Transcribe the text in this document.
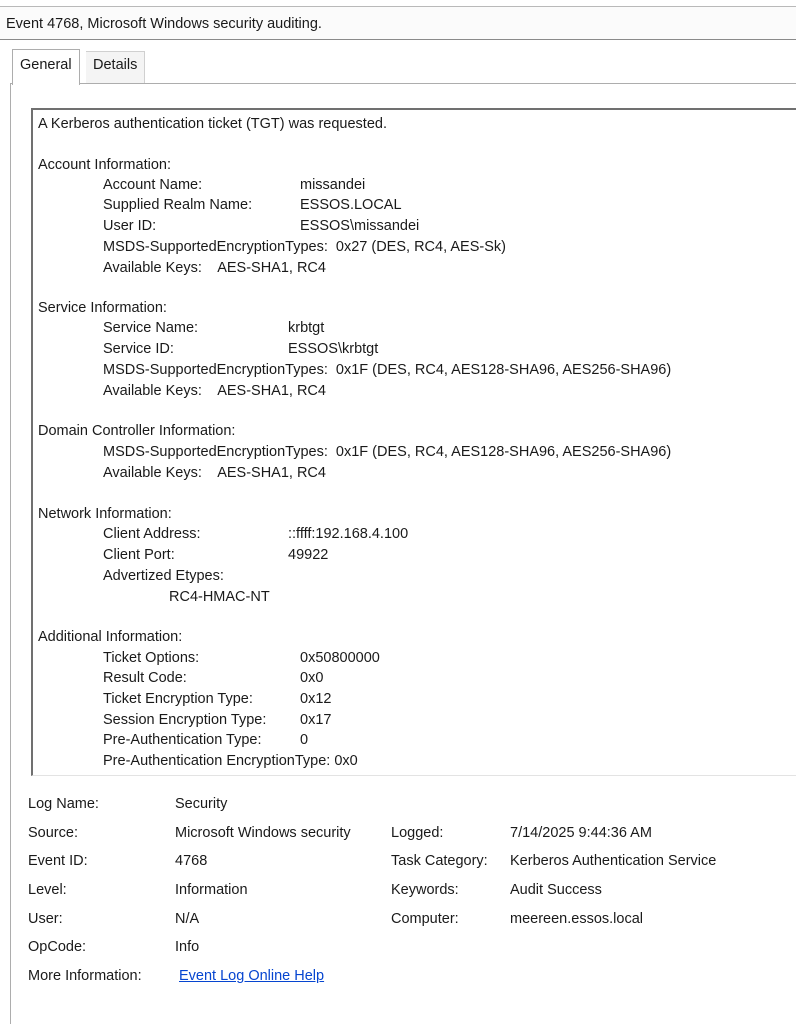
Event 4768, Microsoft Windows security auditing.
General	Details
A Kerberos authentication ticket (TGT) was requested.
Account Information:
Account Name:	missandei
Supplied Realm Name:	ESSOS.LOCAL
User ID:	ESSOS\missandei
MSDS-SupportedEncryptionTypes:  0x27 (DES, RC4, AES-Sk)
Available Keys:    AES-SHA1, RC4
Service Information:
Service Name:	krbtgt
Service ID:	ESSOS\krbtgt
MSDS-SupportedEncryptionTypes:  0x1F (DES, RC4, AES128-SHA96, AES256-SHA96)
Available Keys:    AES-SHA1, RC4
Domain Controller Information:
MSDS-SupportedEncryptionTypes:  0x1F (DES, RC4, AES128-SHA96, AES256-SHA96)
Available Keys:    AES-SHA1, RC4
Network Information:
Client Address:	::ffff:192.168.4.100
Client Port:	49922
Advertized Etypes:
RC4-HMAC-NT
Additional Information:
Ticket Options:	0x50800000
Result Code:	0x0
Ticket Encryption Type:	0x12
Session Encryption Type: 0x17
Pre-Authentication Type:	0
Pre-Authentication EncryptionType: 0x0
Log Name:	Security
Source:	Microsoft Windows security	Logged:	7/14/2025 9:44:36 AM
Event ID:	4768	Task Category: Kerberos Authentication Service
Level:	Information	Keywords:	Audit Success
User:	N/A	Computer:	meereen.essos.local
OpCode:	Info
More Information:	Event Log Online Help
